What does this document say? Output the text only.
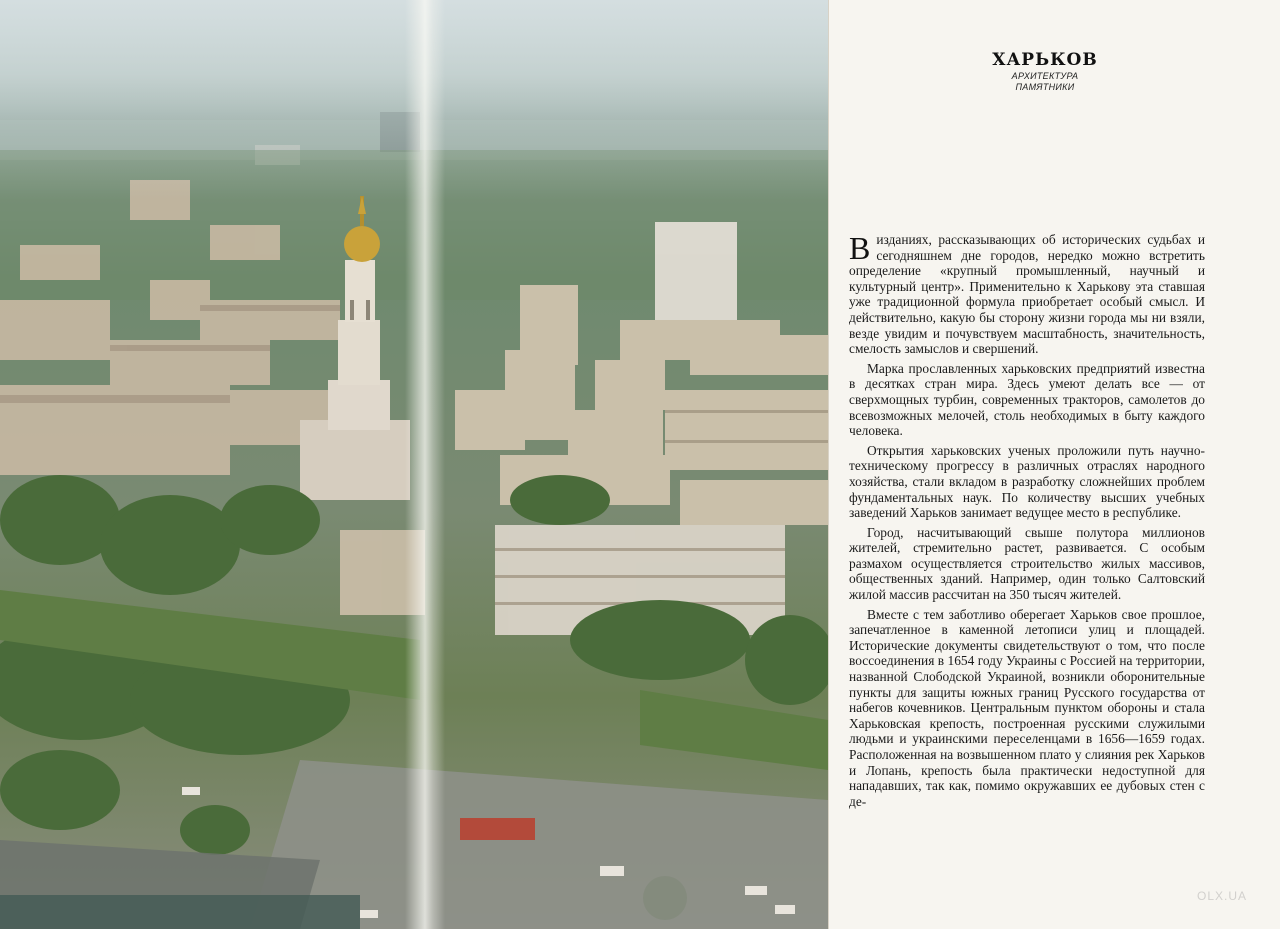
ХАРЬКОВ
АРХИТЕКТУРА
ПАМЯТНИКИ

Визданиях, рассказывающих об исторических судьбах и сегодняшнем дне городов, нередко можно встретить определение «крупный промышленный, научный и культурный центр». Применительно к Харькову эта ставшая уже традиционной формула приобретает особый смысл. И действительно, какую бы сторону жизни города мы ни взяли, везде увидим и почувствуем масштабность, значительность, смелость замыслов и свершений.

Марка прославленных харьковских предприятий известна в десятках стран мира. Здесь умеют делать все — от сверхмощных турбин, современных тракторов, самолетов до всевозможных мелочей, столь необходимых в быту каждого человека.

Открытия харьковских ученых проложили путь научно-техническому прогрессу в различных отраслях народного хозяйства, стали вкладом в разработку сложнейших проблем фундаментальных наук. По количеству высших учебных заведений Харьков занимает ведущее место в республике.

Город, насчитывающий свыше полутора миллионов жителей, стремительно растет, развивается. С особым размахом осуществляется строительство жилых массивов, общественных зданий. Например, один только Салтовский жилой массив рассчитан на 350 тысяч жителей.

Вместе с тем заботливо оберегает Харьков свое прошлое, запечатленное в каменной летописи улиц и площадей. Исторические документы свидетельствуют о том, что после воссоединения в 1654 году Украины с Россией на территории, названной Слободской Украиной, возникли оборонительные пункты для защиты южных границ Русского государства от набегов кочевников. Центральным пунктом обороны и стала Харьковская крепость, построенная русскими служилыми людьми и украинскими переселенцами в 1656—1659 годах. Расположенная на возвышенном плато у слияния рек Харьков и Лопань, крепость была практически недоступной для нападавших, так как, помимо окружавших ее дубовых стен с де-

OLX.UA
